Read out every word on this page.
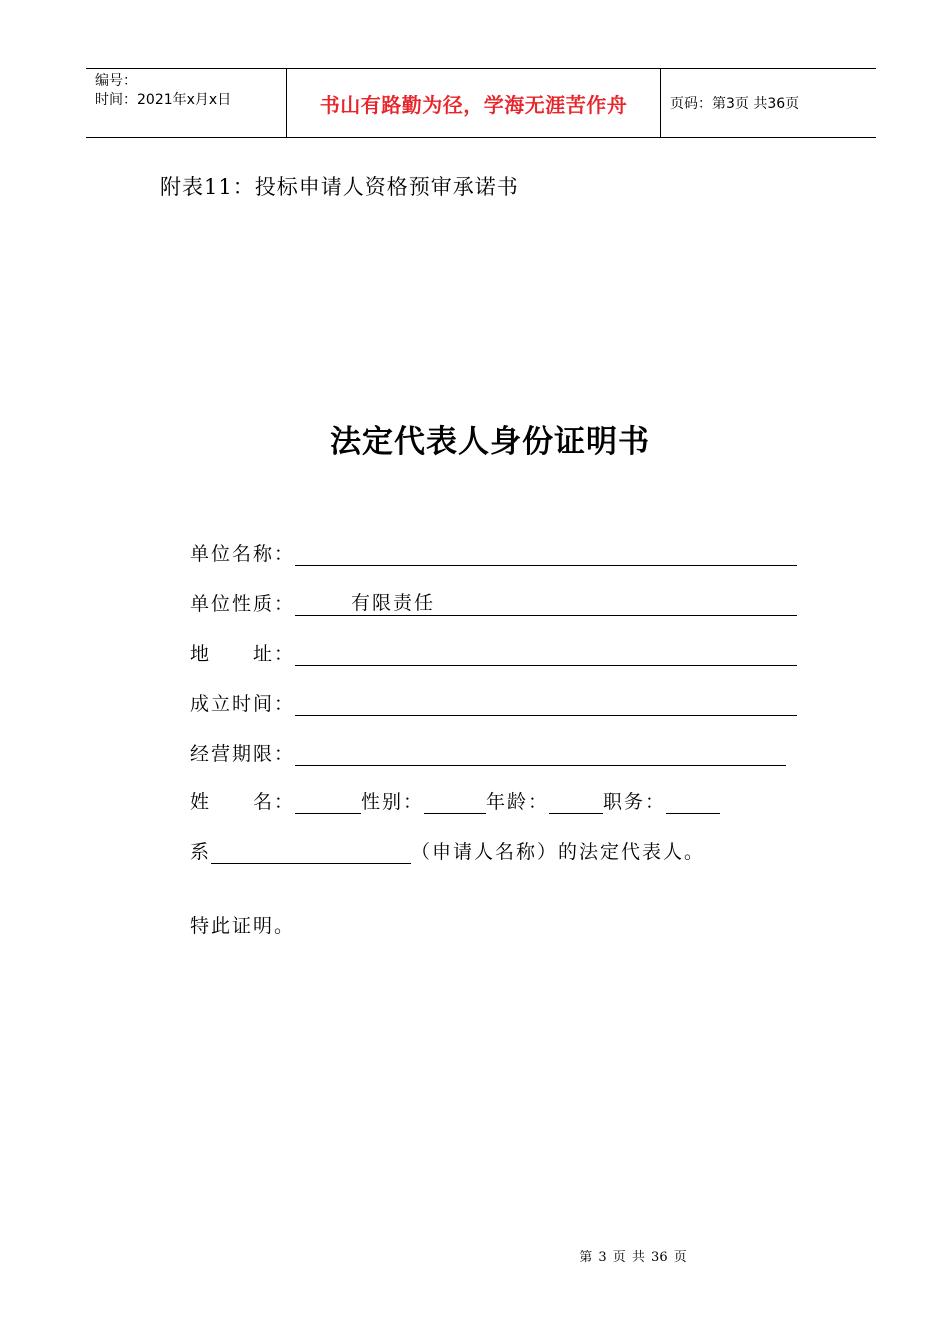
编号：
时间：2021年x月x日	书山有路勤为径，学海无涯苦作舟	页码：第3页 共36页
附表11：投标申请人资格预审承诺书
法定代表人身份证明书
单位名称：
单位性质：	有限责任
地　　址：
成立时间：
经营期限：
姓　　名：	性别：	年龄：	职务：
系	（申请人名称）的法定代表人。
特此证明。
第 3 页 共 36 页
